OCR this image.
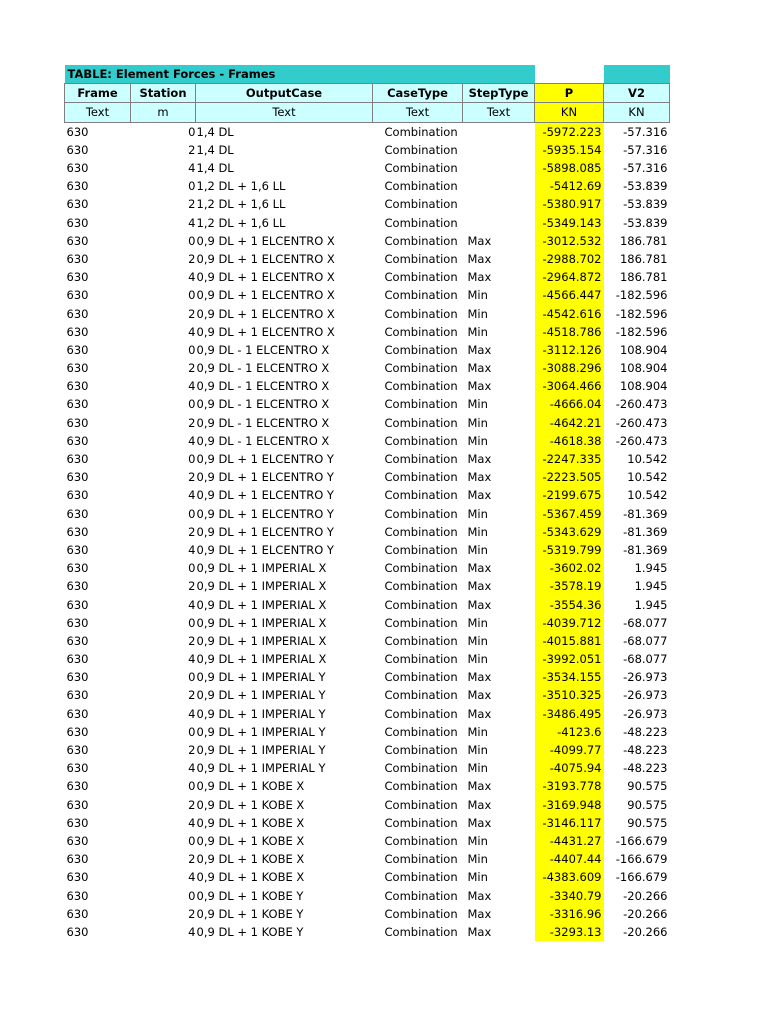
TABLE: Element Forces - Frames						
Frame	Station	OutputCase	CaseType	StepType	P	V2
Text	m	Text	Text	Text	KN	KN
630	0	1,4 DL	Combination		-5972.223	-57.316
630	2	1,4 DL	Combination		-5935.154	-57.316
630	4	1,4 DL	Combination		-5898.085	-57.316
630	0	1,2 DL + 1,6 LL	Combination		-5412.69	-53.839
630	2	1,2 DL + 1,6 LL	Combination		-5380.917	-53.839
630	4	1,2 DL + 1,6 LL	Combination		-5349.143	-53.839
630	0	0,9 DL + 1 ELCENTRO X	Combination	Max	-3012.532	186.781
630	2	0,9 DL + 1 ELCENTRO X	Combination	Max	-2988.702	186.781
630	4	0,9 DL + 1 ELCENTRO X	Combination	Max	-2964.872	186.781
630	0	0,9 DL + 1 ELCENTRO X	Combination	Min	-4566.447	-182.596
630	2	0,9 DL + 1 ELCENTRO X	Combination	Min	-4542.616	-182.596
630	4	0,9 DL + 1 ELCENTRO X	Combination	Min	-4518.786	-182.596
630	0	0,9 DL - 1 ELCENTRO X	Combination	Max	-3112.126	108.904
630	2	0,9 DL - 1 ELCENTRO X	Combination	Max	-3088.296	108.904
630	4	0,9 DL - 1 ELCENTRO X	Combination	Max	-3064.466	108.904
630	0	0,9 DL - 1 ELCENTRO X	Combination	Min	-4666.04	-260.473
630	2	0,9 DL - 1 ELCENTRO X	Combination	Min	-4642.21	-260.473
630	4	0,9 DL - 1 ELCENTRO X	Combination	Min	-4618.38	-260.473
630	0	0,9 DL + 1 ELCENTRO Y	Combination	Max	-2247.335	10.542
630	2	0,9 DL + 1 ELCENTRO Y	Combination	Max	-2223.505	10.542
630	4	0,9 DL + 1 ELCENTRO Y	Combination	Max	-2199.675	10.542
630	0	0,9 DL + 1 ELCENTRO Y	Combination	Min	-5367.459	-81.369
630	2	0,9 DL + 1 ELCENTRO Y	Combination	Min	-5343.629	-81.369
630	4	0,9 DL + 1 ELCENTRO Y	Combination	Min	-5319.799	-81.369
630	0	0,9 DL + 1 IMPERIAL X	Combination	Max	-3602.02	1.945
630	2	0,9 DL + 1 IMPERIAL X	Combination	Max	-3578.19	1.945
630	4	0,9 DL + 1 IMPERIAL X	Combination	Max	-3554.36	1.945
630	0	0,9 DL + 1 IMPERIAL X	Combination	Min	-4039.712	-68.077
630	2	0,9 DL + 1 IMPERIAL X	Combination	Min	-4015.881	-68.077
630	4	0,9 DL + 1 IMPERIAL X	Combination	Min	-3992.051	-68.077
630	0	0,9 DL + 1 IMPERIAL Y	Combination	Max	-3534.155	-26.973
630	2	0,9 DL + 1 IMPERIAL Y	Combination	Max	-3510.325	-26.973
630	4	0,9 DL + 1 IMPERIAL Y	Combination	Max	-3486.495	-26.973
630	0	0,9 DL + 1 IMPERIAL Y	Combination	Min	-4123.6	-48.223
630	2	0,9 DL + 1 IMPERIAL Y	Combination	Min	-4099.77	-48.223
630	4	0,9 DL + 1 IMPERIAL Y	Combination	Min	-4075.94	-48.223
630	0	0,9 DL + 1 KOBE X	Combination	Max	-3193.778	90.575
630	2	0,9 DL + 1 KOBE X	Combination	Max	-3169.948	90.575
630	4	0,9 DL + 1 KOBE X	Combination	Max	-3146.117	90.575
630	0	0,9 DL + 1 KOBE X	Combination	Min	-4431.27	-166.679
630	2	0,9 DL + 1 KOBE X	Combination	Min	-4407.44	-166.679
630	4	0,9 DL + 1 KOBE X	Combination	Min	-4383.609	-166.679
630	0	0,9 DL + 1 KOBE Y	Combination	Max	-3340.79	-20.266
630	2	0,9 DL + 1 KOBE Y	Combination	Max	-3316.96	-20.266
630	4	0,9 DL + 1 KOBE Y	Combination	Max	-3293.13	-20.266
